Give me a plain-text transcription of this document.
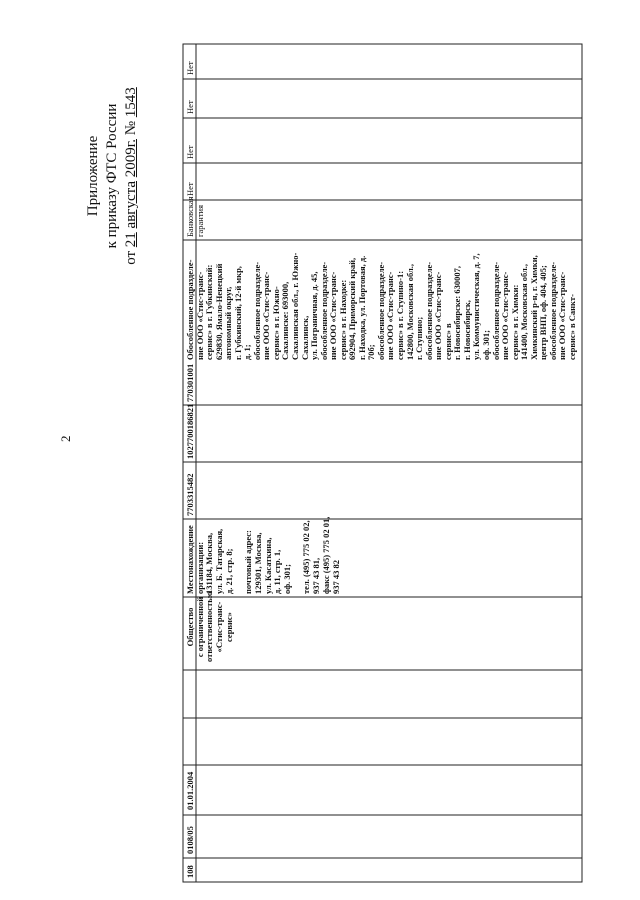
Приложение к приказу ФТС России
от 21 августа 2009г. № 1543
2
108
0108/05
01.01.2004
Общество с ограниченной ответственностью «Стис-транс- сервис»
Местонахождение организации: 131184, Москва, ул. Б. Татарская, д. 21, стр. 8; почтовый адрес: 129301, Москва, ул. Касаткина, д. 11, стр. 1, оф. 301; тел. (495) 775 02 02, 937 43 81, факс (495) 775 02 01, 937 43 82
7703315482
1027700186821
770301001
Обособленное подразделе- ние ООО «Стис-транс- сервис» в г. Губкинский: 629830, Ямало-Ненецкий автономный округ, г. Губкинский, 12-й мкр, д. 1; обособленное подразделе- ние ООО «Стис-транс- сервис» в г. Южно- Сахалинске: 693000, Сахалинская обл., г. Южно- Сахалинск, ул. Пограничная, д. 45, обособленное подразделе- ние ООО «Стис-транс- сервис» в г. Находке: 692904, Приморский край, г. Находка, ул. Портовая, д. 70б; обособленное подразделе- ние ООО «Стис-транс- сервис» в г. Ступино-1: 142800, Московская обл., г. Ступино; обособленное подразделе- ние ООО «Стис-транс- сервис» в г. Новосибирске: 630007, г. Новосибирск, ул. Коммунистическая, д. 7, оф. 301; обособленное подразделе- ние ООО «Стис-транс- сервис» в г. Химки: 141400, Московская обл., Химкинский р-н, г. Химки, центр ВНП, оф. 404, 405; обособленное подразделе- ние ООО «Стис-транс- сервис» в Санкт-
Банковская гарантия
Нет
Нет
Нет
Нет
